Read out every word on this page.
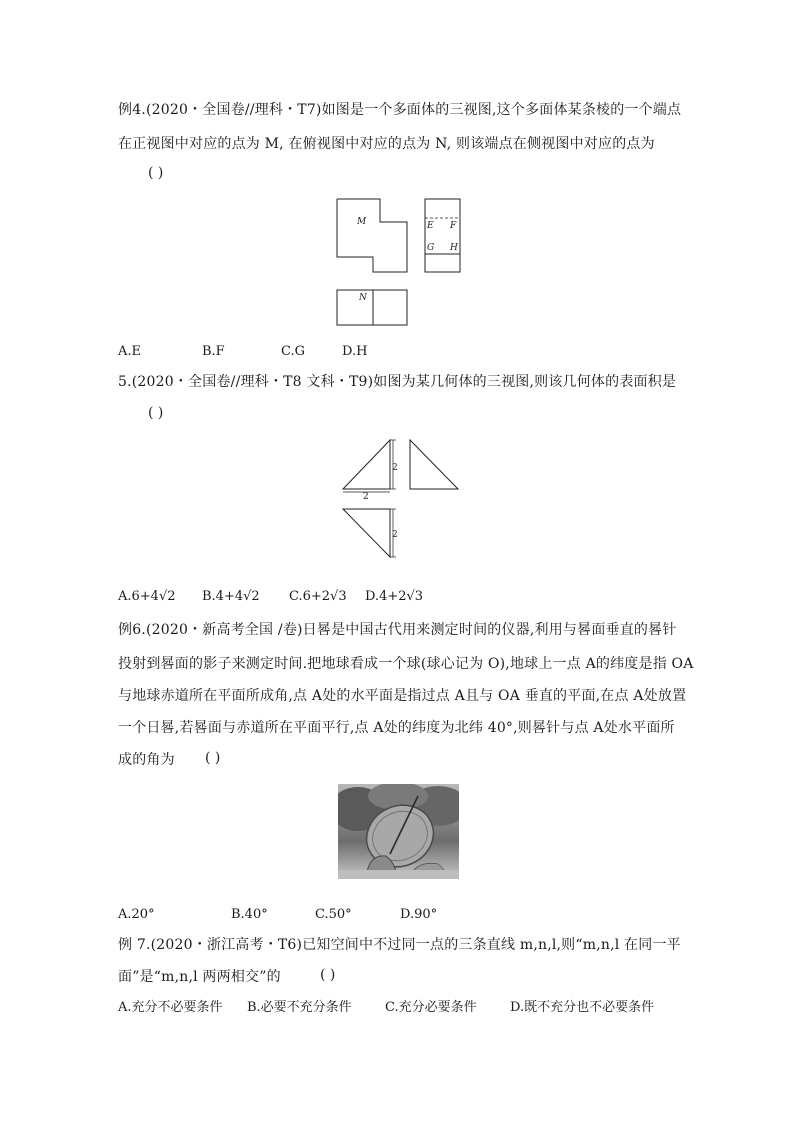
例4.(2020・全国卷//理科・T7)如图是一个多面体的三视图,这个多面体某条棱的一个端点
在正视图中对应的点为 M, 在俯视图中对应的点为 N, 则该端点在侧视图中对应的点为
( )
M	E F
G H
N
A.E	B.F	C.G	D.H
5.(2020・全国卷//理科・T8 文科・T9)如图为某几何体的三视图,则该几何体的表面积是
( )
2
2
2
A.6+4√2 B.4+4√2 C.6+2√3 D.4+2√3
例6.(2020・新高考全国 /卷)日晷是中国古代用来测定时间的仪器,利用与晷面垂直的晷针
投射到晷面的影子来测定时间.把地球看成一个球(球心记为 O),地球上一点 A的纬度是指 OA
与地球赤道所在平面所成角,点 A处的水平面是指过点 A且与 OA 垂直的平面,在点 A处放置
一个日晷,若晷面与赤道所在平面平行,点 A处的纬度为北纬 40°,则晷针与点 A处水平面所
成的角为 ( )
A.20°	B.40°	C.50°	D.90°
例 7.(2020・浙江高考・T6)已知空间中不过同一点的三条直线 m,n,l,则“m,n,l 在同一平
面”是“m,n,l 两两相交”的	( )
A.充分不必要条件 B.必要不充分条件	C.充分必要条件	D.既不充分也不必要条件
